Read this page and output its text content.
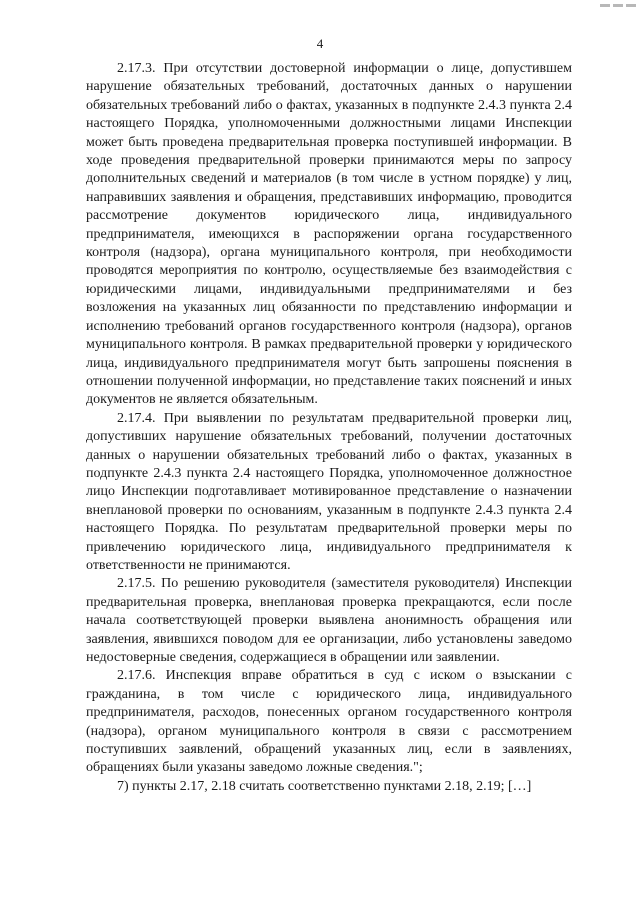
4

2.17.3. При отсутствии достоверной информации о лице, допустившем нарушение обязательных требований, достаточных данных о нарушении обязательных требований либо о фактах, указанных в подпункте 2.4.3 пункта 2.4 настоящего Порядка, уполномоченными должностными лицами Инспекции может быть проведена предварительная проверка поступившей информации. В ходе проведения предварительной проверки принимаются меры по запросу дополнительных сведений и материалов (в том числе в устном порядке) у лиц, направивших заявления и обращения, представивших информацию, проводится рассмотрение документов юридического лица, индивидуального предпринимателя, имеющихся в распоряжении органа государственного контроля (надзора), органа муниципального контроля, при необходимости проводятся мероприятия по контролю, осуществляемые без взаимодействия с юридическими лицами, индивидуальными предпринимателями и без возложения на указанных лиц обязанности по представлению информации и исполнению требований органов государственного контроля (надзора), органов муниципального контроля. В рамках предварительной проверки у юридического лица, индивидуального предпринимателя могут быть запрошены пояснения в отношении полученной информации, но представление таких пояснений и иных документов не является обязательным.

2.17.4. При выявлении по результатам предварительной проверки лиц, допустивших нарушение обязательных требований, получении достаточных данных о нарушении обязательных требований либо о фактах, указанных в подпункте 2.4.3 пункта 2.4 настоящего Порядка, уполномоченное должностное лицо Инспекции подготавливает мотивированное представление о назначении внеплановой проверки по основаниям, указанным в подпункте 2.4.3 пункта 2.4 настоящего Порядка. По результатам предварительной проверки меры по привлечению юридического лица, индивидуального предпринимателя к ответственности не принимаются.

2.17.5. По решению руководителя (заместителя руководителя) Инспекции предварительная проверка, внеплановая проверка прекращаются, если после начала соответствующей проверки выявлена анонимность обращения или заявления, явившихся поводом для ее организации, либо установлены заведомо недостоверные сведения, содержащиеся в обращении или заявлении.

2.17.6. Инспекция вправе обратиться в суд с иском о взыскании с гражданина, в том числе с юридического лица, индивидуального предпринимателя, расходов, понесенных органом государственного контроля (надзора), органом муниципального контроля в связи с рассмотрением поступивших заявлений, обращений указанных лиц, если в заявлениях, обращениях были указаны заведомо ложные сведения.";

7) пункты 2.17, 2.18 считать соответственно пунктами 2.18, 2.19; […]
